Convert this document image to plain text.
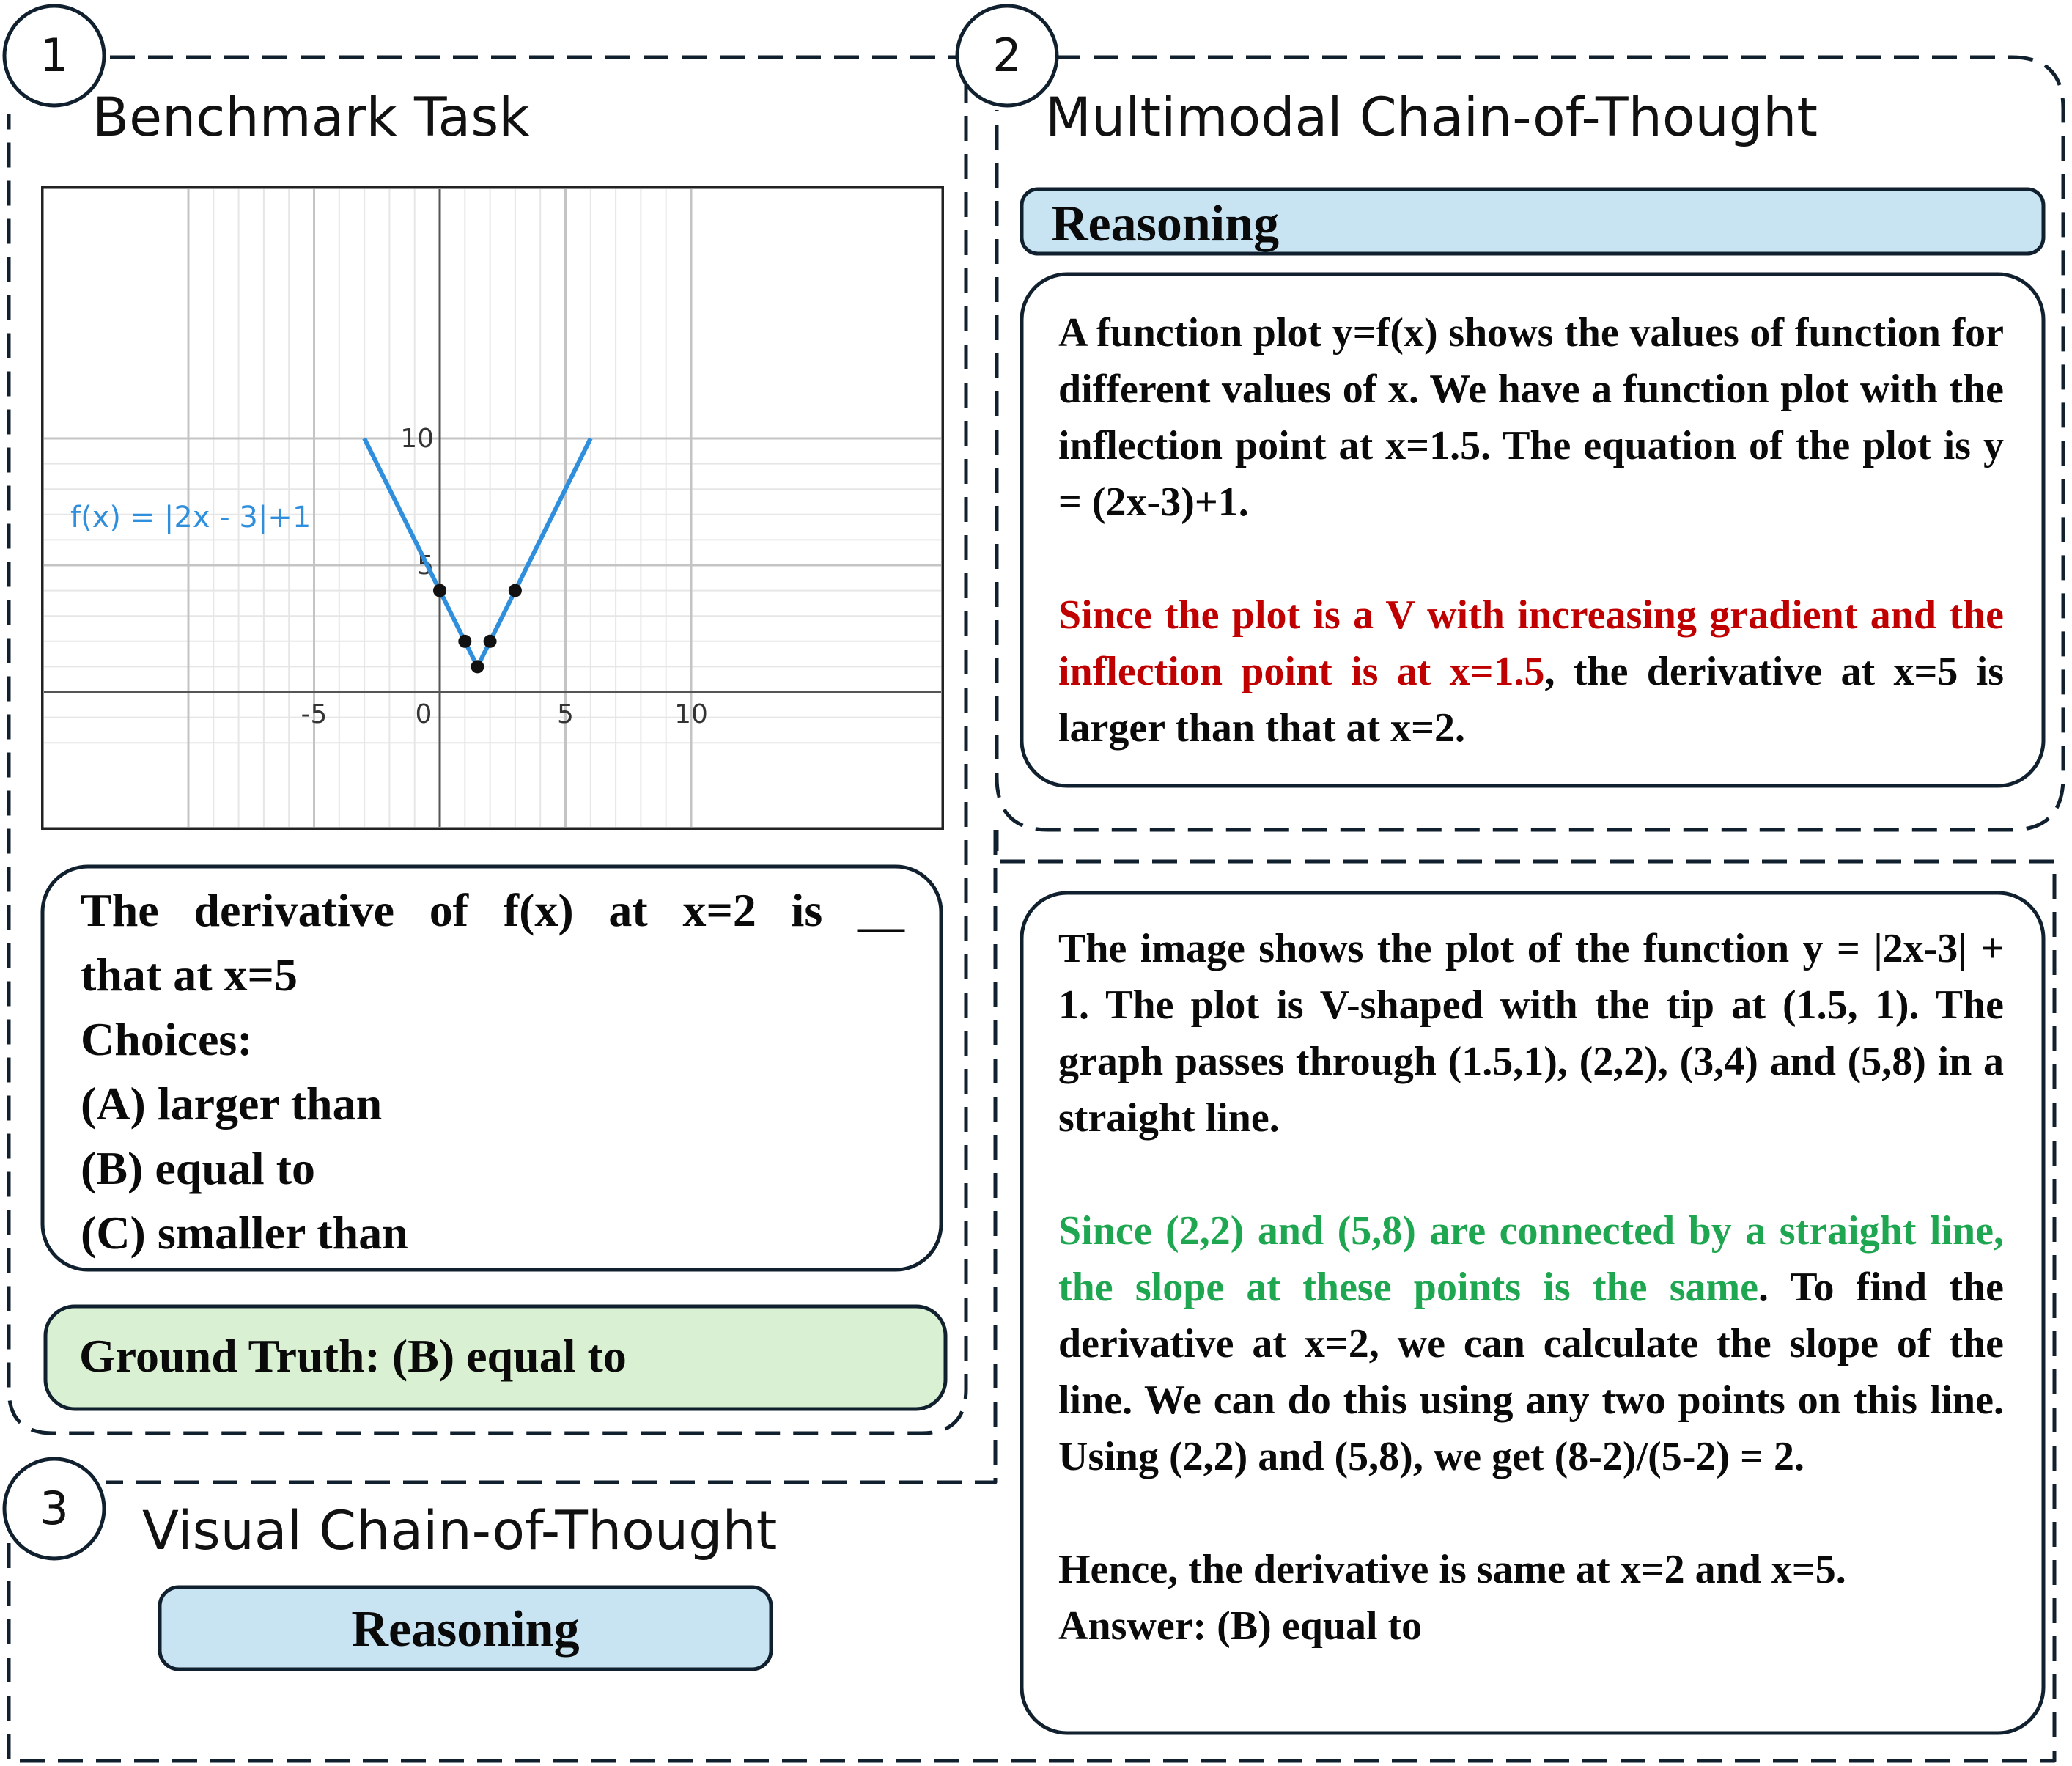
-5	0	5	10
5
10
f(x) = |2x - 3|+1
1	2
3
Benchmark Task	Multimodal Chain-of-Thought
Visual Chain-of-Thought
Reasoning
Reasoning

The derivative of f(x) at x=2 is __

that at x=5

Choices:

(A) larger than

(B) equal to

(C) smaller than

Ground Truth: (B) equal to

A function plot y=f(x) shows the values of function for different values of x. We have a function plot with the inflection point at x=1.5. The equation of the plot is y = (2x-3)+1.

Since the plot is a V with increasing gradient and the inflection point is at x=1.5, the derivative at x=5 is larger than that at x=2.

The image shows the plot of the function y = |2x-3| + 1. The plot is V-shaped with the tip at (1.5, 1). The graph passes through (1.5,1), (2,2), (3,4) and (5,8) in a straight line.

Since (2,2) and (5,8) are connected by a straight line, the slope at these points is the same. To find the derivative at x=2, we can calculate the slope of the line. We can do this using any two points on this line. Using (2,2) and (5,8), we get (8-2)/(5-2) = 2.

Hence, the derivative is same at x=2 and x=5.

Answer: (B) equal to
